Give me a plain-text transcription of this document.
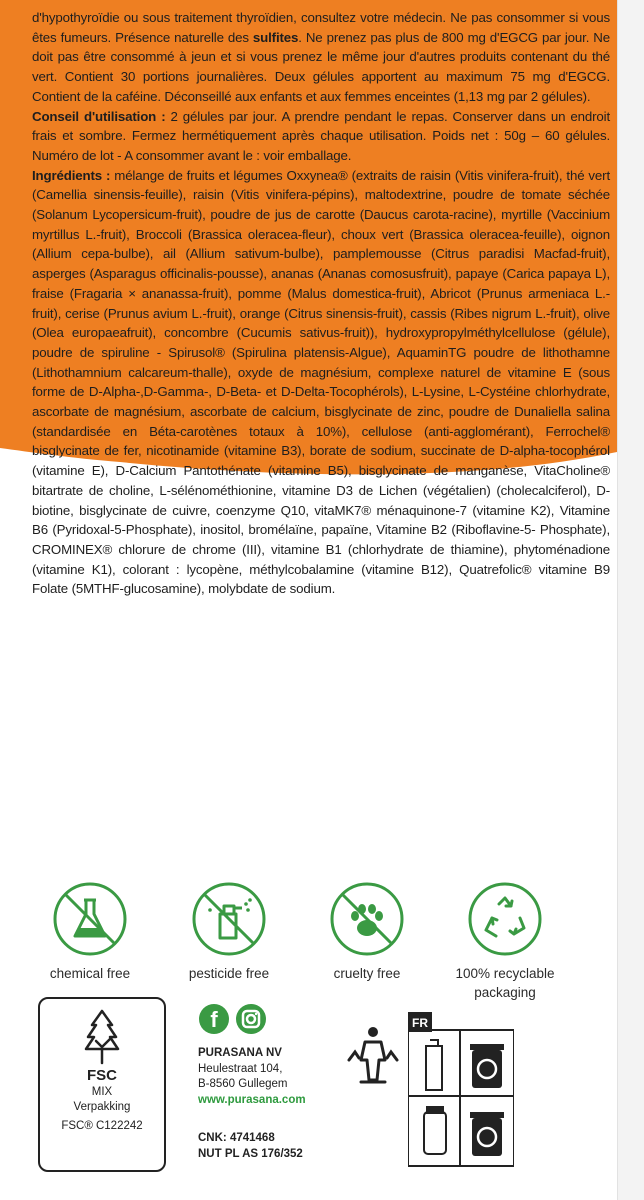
d'hypothyroïdie ou sous traitement thyroïdien, consultez votre médecin. Ne pas consommer si vous êtes fumeurs. Présence naturelle des sulfites. Ne prenez pas plus de 800 mg d'EGCG par jour. Ne doit pas être consommé à jeun et si vous prenez le même jour d'autres produits contenant du thé vert. Contient 30 portions journalières. Deux gélules apportent au maximum 75 mg d'EGCG. Contient de la caféine. Déconseillé aux enfants et aux femmes enceintes (1,13 mg par 2 gélules).

Conseil d'utilisation : 2 gélules par jour. A prendre pendant le repas. Conserver dans un endroit frais et sombre. Fermez hermétiquement après chaque utilisation. Poids net : 50g – 60 gélules. Numéro de lot - A consommer avant le : voir emballage.

Ingrédients : mélange de fruits et légumes Oxxynea® (extraits de raisin (Vitis vinifera-fruit), thé vert (Camellia sinensis-feuille), raisin (Vitis vinifera-pépins), maltodextrine, poudre de tomate séchée (Solanum Lycopersicum-fruit), poudre de jus de carotte (Daucus carota-racine), myrtille (Vaccinium myrtillus L.-fruit), Broccoli (Brassica oleracea-fleur), choux vert (Brassica oleracea-feuille), oignon (Allium cepa-bulbe), ail (Allium sativum-bulbe), pamplemousse (Citrus paradisi Macfad-fruit), asperges (Asparagus officinalis-pousse), ananas (Ananas comosusfruit), papaye (Carica papaya L), fraise (Fragaria × ananassa-fruit), pomme (Malus domestica-fruit), Abricot (Prunus armeniaca L.-fruit), cerise (Prunus avium L.-fruit), orange (Citrus sinensis-fruit), cassis (Ribes nigrum L.-fruit), olive (Olea europaeafruit), concombre (Cucumis sativus-fruit)), hydroxypropylméthylcellulose (gélule), poudre de spiruline - Spirusol® (Spirulina platensis-Algue), AquaminTG poudre de lithothamne (Lithothamnium calcareum-thalle), oxyde de magnésium, complexe naturel de vitamine E (sous forme de D-Alpha-,D-Gamma-, D-Beta- et D-Delta-Tocophérols), L-Lysine, L-Cystéine chlorhydrate, ascorbate de magnésium, ascorbate de calcium, bisglycinate de zinc, poudre de Dunaliella salina (standardisée en Béta-carotènes totaux à 10%), cellulose (anti-agglomérant), Ferrochel® bisglycinate de fer, nicotinamide (vitamine B3), borate de sodium, succinate de D-alpha-tocophérol (vitamine E), D-Calcium Pantothénate (vitamine B5), bisglycinate de manganèse, VitaCholine® bitartrate de choline, L-sélénométhionine, vitamine D3 de Lichen (végétalien) (cholecalciferol), D-biotine, bisglycinate de cuivre, coenzyme Q10, vitaMK7® ménaquinone-7 (vitamine K2), Vitamine B6 (Pyridoxal-5-Phosphate), inositol, bromélaïne, papaïne, Vitamine B2 (Riboflavine-5- Phosphate), CROMINEX® chlorure de chrome (III), vitamine B1 (chlorhydrate de thiamine), phytoménadione (vitamine K1), colorant : lycopène, méthylcobalamine (vitamine B12), Quatrefolic® vitamine B9 Folate (5MTHF-glucosamine), molybdate de sodium.

chemical free	pesticide free	cruelty free	100% recyclable packaging
FSC
MIX
Verpakking
FSC® C122242
f
PURASANA NV
Heulestraat 104,
B-8560 Gullegem
www.purasana.com
CNK: 4741468
NUT PL AS 176/352
FR
